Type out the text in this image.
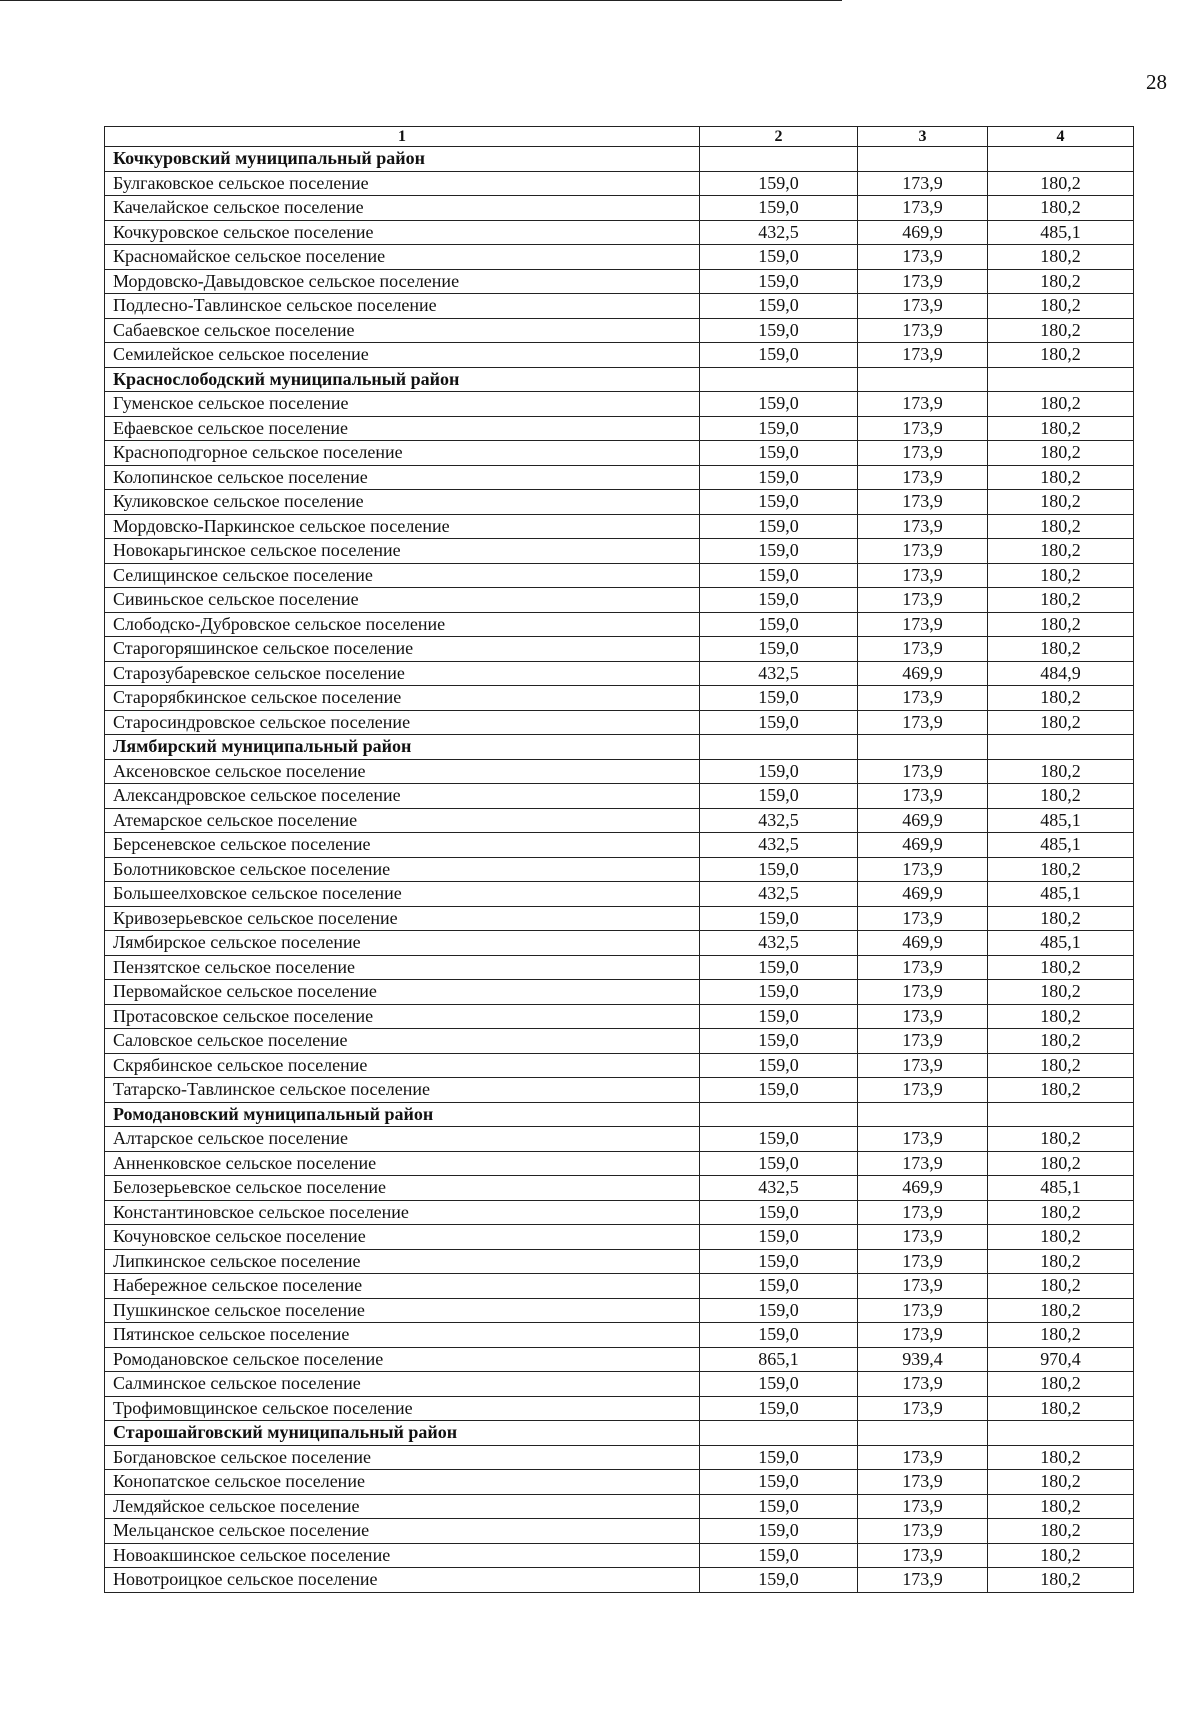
28
1	2	3	4
Кочкуровский муниципальный район			
Булгаковское сельское поселение	159,0	173,9	180,2
Качелайское сельское поселение	159,0	173,9	180,2
Кочкуровское сельское поселение	432,5	469,9	485,1
Красномайское сельское поселение	159,0	173,9	180,2
Мордовско-Давыдовское сельское поселение	159,0	173,9	180,2
Подлесно-Тавлинское сельское поселение	159,0	173,9	180,2
Сабаевское сельское поселение	159,0	173,9	180,2
Семилейское сельское поселение	159,0	173,9	180,2
Краснослободский муниципальный район			
Гуменское сельское поселение	159,0	173,9	180,2
Ефаевское сельское поселение	159,0	173,9	180,2
Краснoподгорное сельское поселение	159,0	173,9	180,2
Колопинское сельское поселение	159,0	173,9	180,2
Куликовское сельское поселение	159,0	173,9	180,2
Мордовско-Паркинское сельское поселение	159,0	173,9	180,2
Новокарьгинское сельское поселение	159,0	173,9	180,2
Селищинское сельское поселение	159,0	173,9	180,2
Сивиньское сельское поселение	159,0	173,9	180,2
Слободско-Дубровское сельское поселение	159,0	173,9	180,2
Старогоряшинское сельское поселение	159,0	173,9	180,2
Старозубаревское сельское поселение	432,5	469,9	484,9
Старорябкинское сельское поселение	159,0	173,9	180,2
Старосиндровское сельское поселение	159,0	173,9	180,2
Лямбирский муниципальный район			
Аксеновское сельское поселение	159,0	173,9	180,2
Александровское сельское поселение	159,0	173,9	180,2
Атемарское сельское поселение	432,5	469,9	485,1
Берсеневское сельское поселение	432,5	469,9	485,1
Болотниковское сельское поселение	159,0	173,9	180,2
Большеелховское сельское поселение	432,5	469,9	485,1
Кривозерьевское сельское поселение	159,0	173,9	180,2
Лямбирское сельское поселение	432,5	469,9	485,1
Пензятское сельское поселение	159,0	173,9	180,2
Первомайское сельское поселение	159,0	173,9	180,2
Протасовское сельское поселение	159,0	173,9	180,2
Саловское сельское поселение	159,0	173,9	180,2
Скрябинское сельское поселение	159,0	173,9	180,2
Татарско-Тавлинское сельское поселение	159,0	173,9	180,2
Ромодановский муниципальный район			
Алтарское сельское поселение	159,0	173,9	180,2
Анненковское сельское поселение	159,0	173,9	180,2
Белозерьевское сельское поселение	432,5	469,9	485,1
Константиновское сельское поселение	159,0	173,9	180,2
Кочуновское сельское поселение	159,0	173,9	180,2
Липкинское сельское поселение	159,0	173,9	180,2
Набережное сельское поселение	159,0	173,9	180,2
Пушкинское сельское поселение	159,0	173,9	180,2
Пятинское сельское поселение	159,0	173,9	180,2
Ромодановское сельское поселение	865,1	939,4	970,4
Салминское сельское поселение	159,0	173,9	180,2
Трофимовщинское сельское поселение	159,0	173,9	180,2
Старошайговский муниципальный район			
Богдановское сельское поселение	159,0	173,9	180,2
Конопатское сельское поселение	159,0	173,9	180,2
Лемдяйское сельское поселение	159,0	173,9	180,2
Мельцанское сельское поселение	159,0	173,9	180,2
Новоакшинское сельское поселение	159,0	173,9	180,2
Новотроицкое сельское поселение	159,0	173,9	180,2
